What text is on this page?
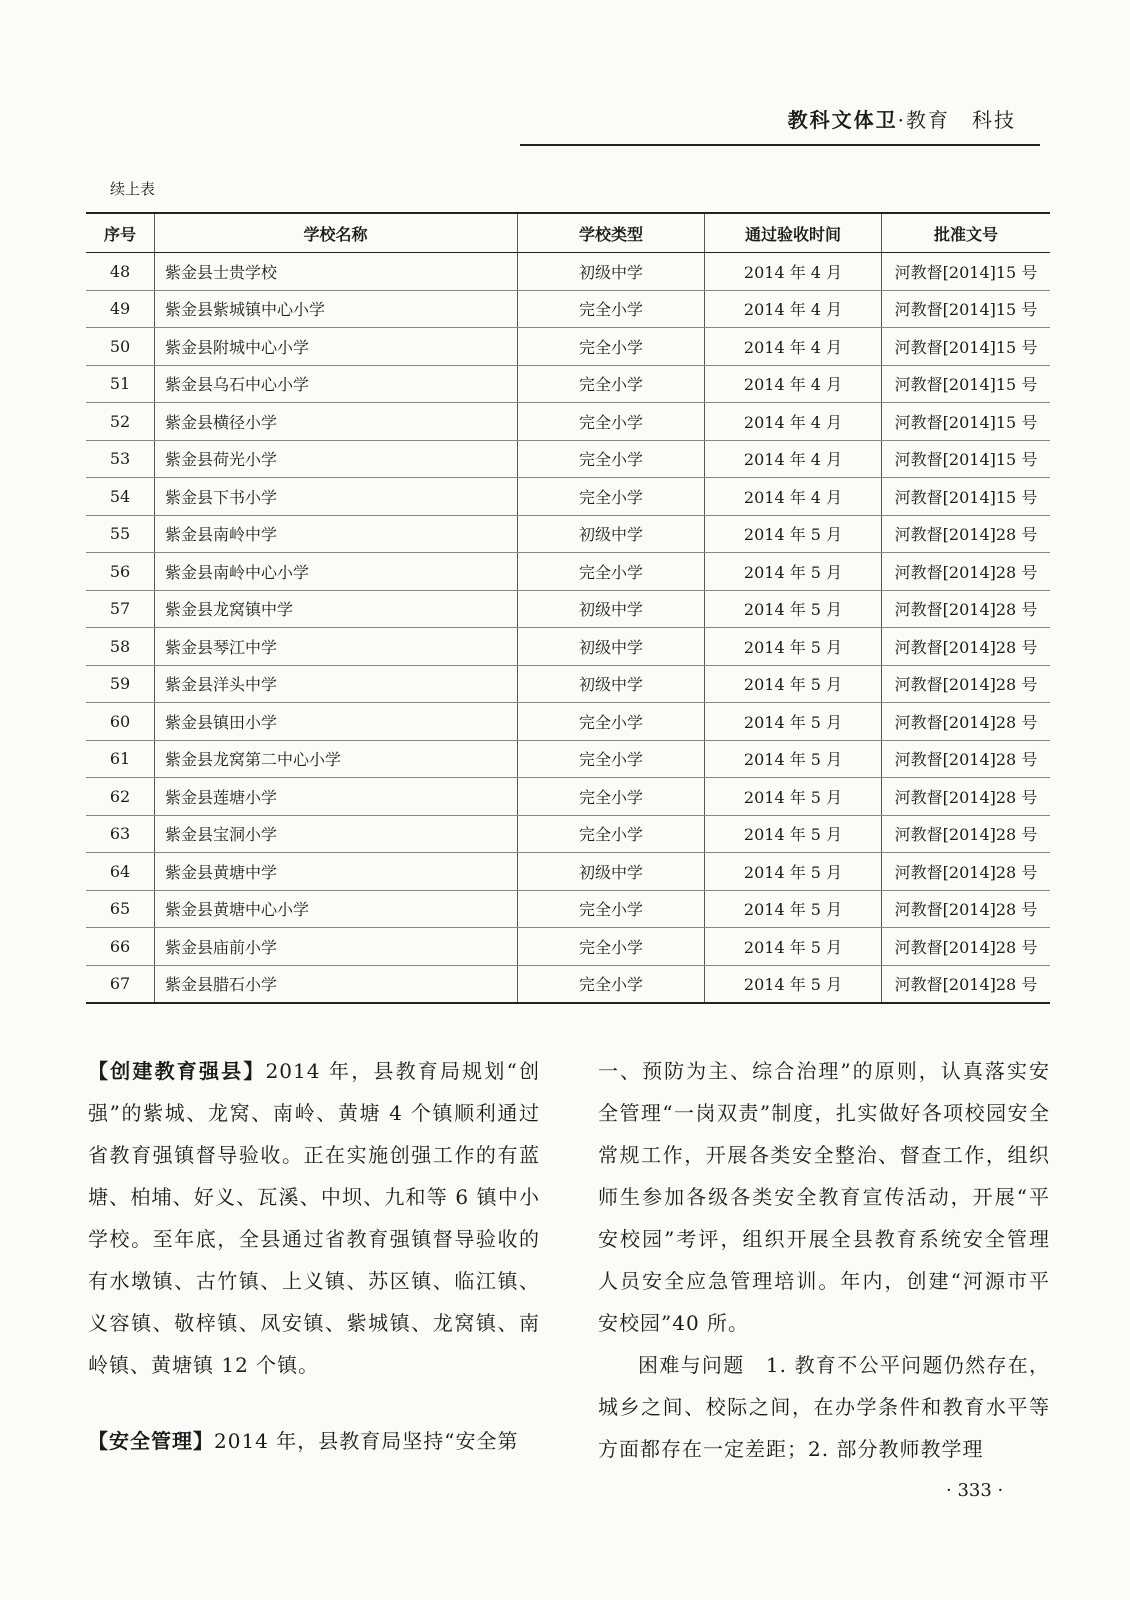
教科文体卫·教育　科技
续上表
序号	学校名称	学校类型	通过验收时间	批准文号
48	紫金县士贵学校	初级中学	2014 年 4 月	河教督[2014]15 号
49	紫金县紫城镇中心小学	完全小学	2014 年 4 月	河教督[2014]15 号
50	紫金县附城中心小学	完全小学	2014 年 4 月	河教督[2014]15 号
51	紫金县乌石中心小学	完全小学	2014 年 4 月	河教督[2014]15 号
52	紫金县横径小学	完全小学	2014 年 4 月	河教督[2014]15 号
53	紫金县荷光小学	完全小学	2014 年 4 月	河教督[2014]15 号
54	紫金县下书小学	完全小学	2014 年 4 月	河教督[2014]15 号
55	紫金县南岭中学	初级中学	2014 年 5 月	河教督[2014]28 号
56	紫金县南岭中心小学	完全小学	2014 年 5 月	河教督[2014]28 号
57	紫金县龙窝镇中学	初级中学	2014 年 5 月	河教督[2014]28 号
58	紫金县琴江中学	初级中学	2014 年 5 月	河教督[2014]28 号
59	紫金县洋头中学	初级中学	2014 年 5 月	河教督[2014]28 号
60	紫金县镇田小学	完全小学	2014 年 5 月	河教督[2014]28 号
61	紫金县龙窝第二中心小学	完全小学	2014 年 5 月	河教督[2014]28 号
62	紫金县莲塘小学	完全小学	2014 年 5 月	河教督[2014]28 号
63	紫金县宝洞小学	完全小学	2014 年 5 月	河教督[2014]28 号
64	紫金县黄塘中学	初级中学	2014 年 5 月	河教督[2014]28 号
65	紫金县黄塘中心小学	完全小学	2014 年 5 月	河教督[2014]28 号
66	紫金县庙前小学	完全小学	2014 年 5 月	河教督[2014]28 号
67	紫金县腊石小学	完全小学	2014 年 5 月	河教督[2014]28 号

【创建教育强县】2014 年，县教育局规划“创强”的紫城、龙窝、南岭、黄塘 4 个镇顺利通过省教育强镇督导验收。正在实施创强工作的有蓝塘、柏埔、好义、瓦溪、中坝、九和等 6 镇中小学校。至年底，全县通过省教育强镇督导验收的有水墩镇、古竹镇、上义镇、苏区镇、临江镇、义容镇、敬梓镇、凤安镇、紫城镇、龙窝镇、南岭镇、黄塘镇 12 个镇。

【安全管理】2014 年，县教育局坚持“安全第

一、预防为主、综合治理”的原则，认真落实安全管理“一岗双责”制度，扎实做好各项校园安全常规工作，开展各类安全整治、督查工作，组织师生参加各级各类安全教育宣传活动，开展“平安校园”考评，组织开展全县教育系统安全管理人员安全应急管理培训。年内，创建“河源市平安校园”40 所。

困难与问题　 1. 教育不公平问题仍然存在，城乡之间、校际之间，在办学条件和教育水平等方面都存在一定差距；2. 部分教师教学理

· 333 ·
